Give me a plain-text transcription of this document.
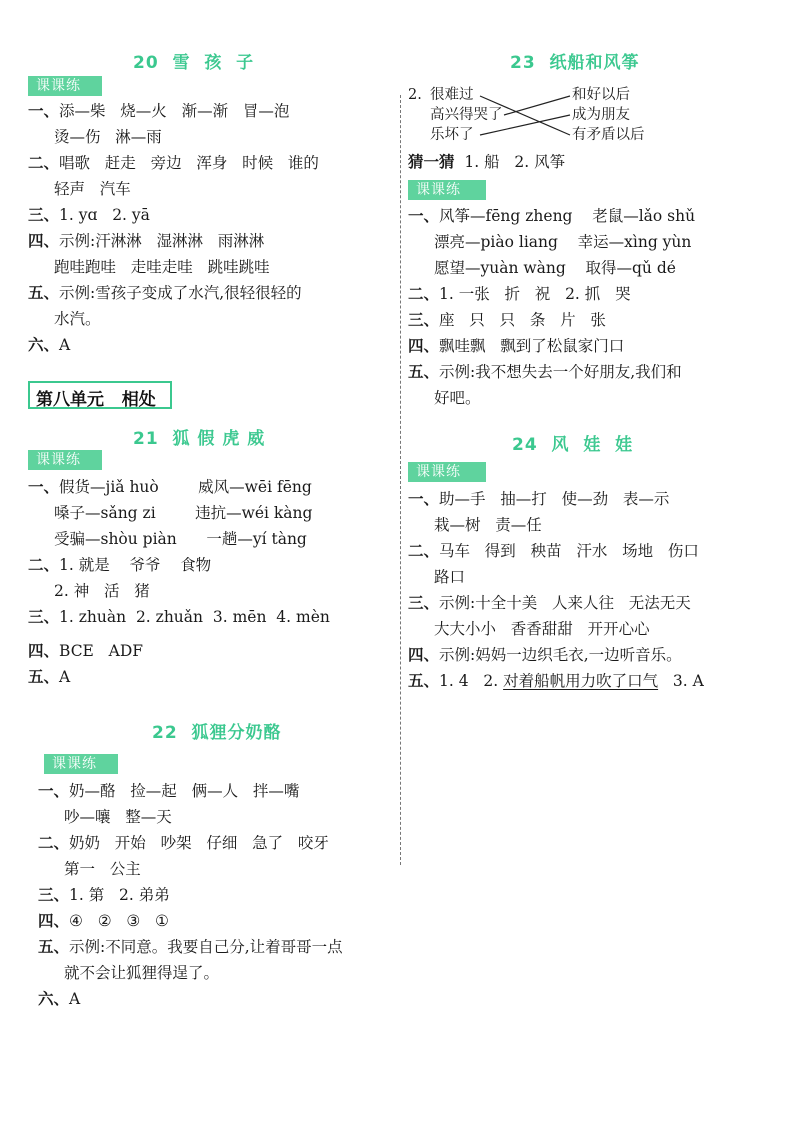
20  雪  孩  子
课课练
一、添—柴   烧—火   渐—渐   冒—泡
烫—伤   淋—雨
二、唱歌   赶走   旁边   浑身   时候   谁的
轻声   汽车
三、1. yɑ   2. yā
四、示例:汗淋淋   湿淋淋   雨淋淋
跑哇跑哇   走哇走哇   跳哇跳哇
五、示例:雪孩子变成了水汽,很轻很轻的
水汽。
六、A
第八单元   相处
21  狐 假 虎 威
课课练
一、假货—jiǎ huò        威风—wēi fēng
嗓子—sǎng zi        违抗—wéi kàng
受骗—shòu piàn      一趟—yí tàng
二、1. 就是    爷爷    食物
2. 神   活   猪
三、1. zhuàn  2. zhuǎn  3. mēn  4. mèn
四、BCE   ADF
五、A
22  狐狸分奶酪
课课练
一、奶—酪   捡—起   俩—人   拌—嘴
吵—嚷   整—天
二、奶奶   开始   吵架   仔细   急了   咬牙
第一   公主
三、1. 第   2. 弟弟
四、④   ②   ③   ①
五、示例:不同意。我要自己分,让着哥哥一点
就不会让狐狸得逞了。
六、A
23  纸船和风筝
2. 很难过
高兴得哭了
乐坏了
和好以后
成为朋友
有矛盾以后
猜一猜 1. 船   2. 风筝
课课练
一、风筝—fēng zheng    老鼠—lǎo shǔ
漂亮—piào liang    幸运—xìng yùn
愿望—yuàn wàng    取得—qǔ dé
二、1. 一张   折   祝   2. 抓   哭
三、座   只   只   条   片   张
四、飘哇飘   飘到了松鼠家门口
五、示例:我不想失去一个好朋友,我们和
好吧。
24  风  娃  娃
课课练
一、助—手   抽—打   使—劲   表—示
栽—树   责—任
二、马车   得到   秧苗   汗水   场地   伤口
路口
三、示例:十全十美   人来人往   无法无天
大大小小   香香甜甜   开开心心
四、示例:妈妈一边织毛衣,一边听音乐。
五、1. 4   2. 对着船帆用力吹了口气   3. A
